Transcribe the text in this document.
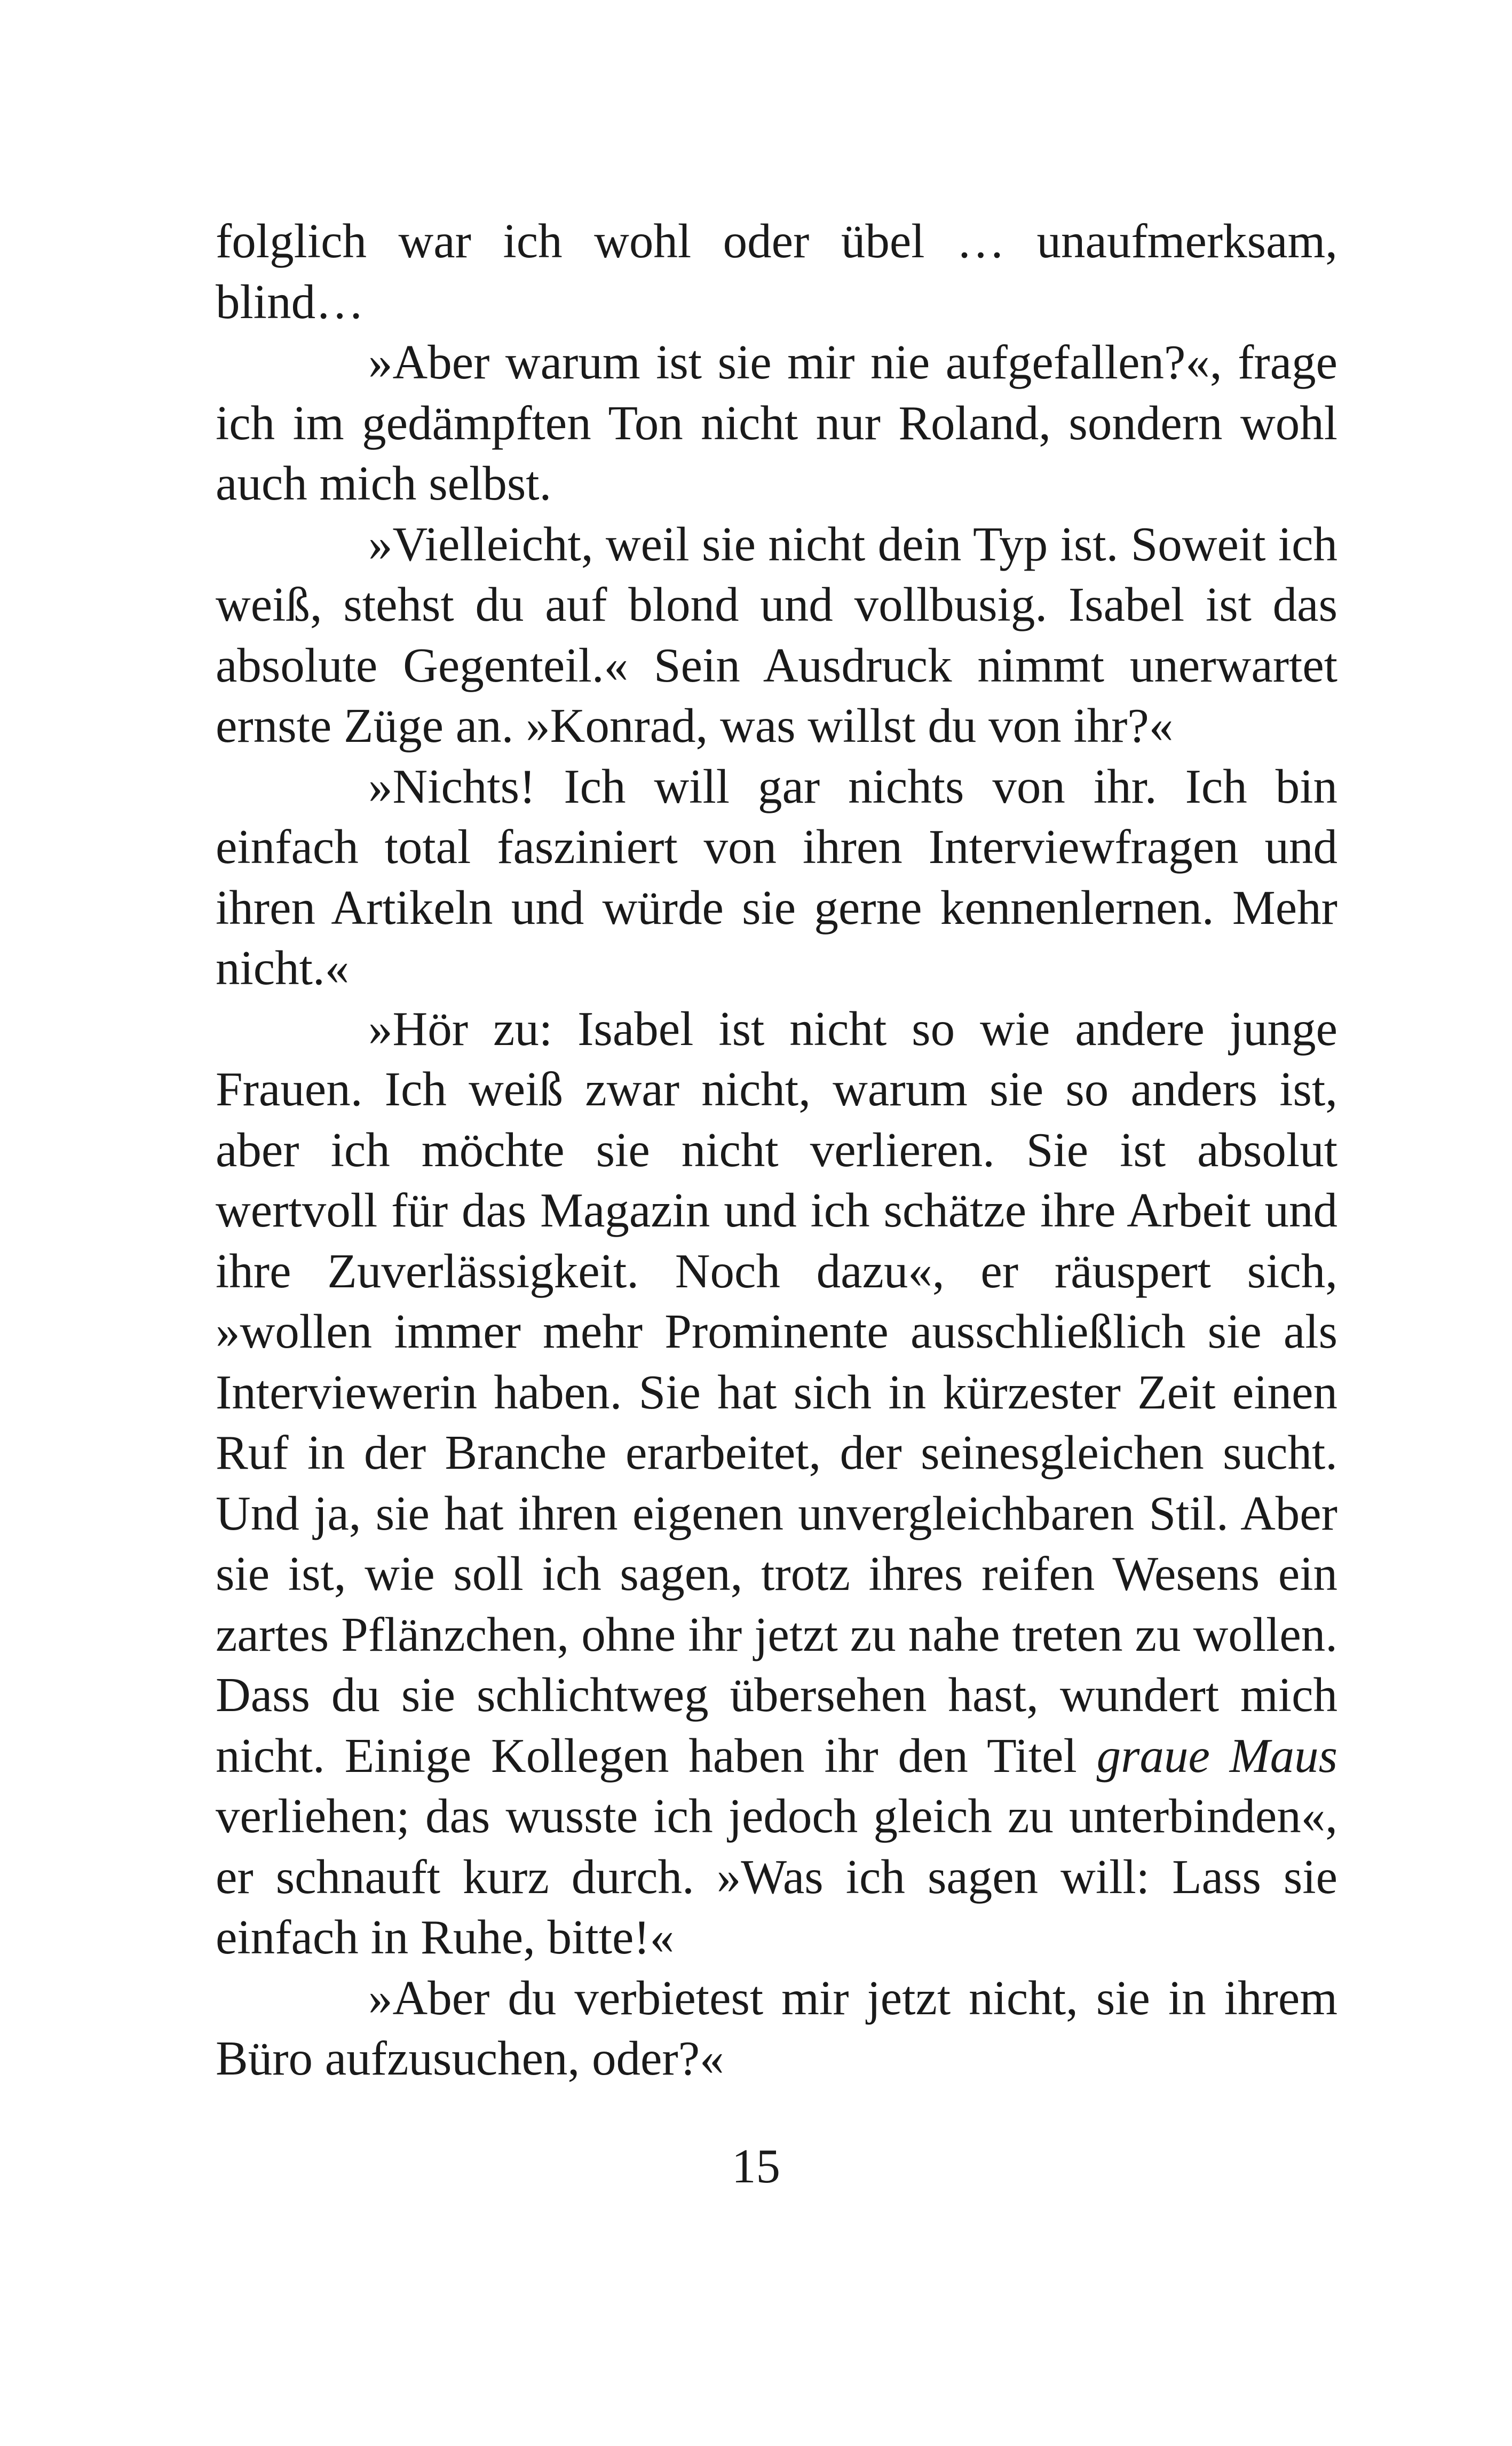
folglich war ich wohl oder übel … unaufmerksam, blind…

»Aber warum ist sie mir nie aufgefallen?«, frage ich im gedämpften Ton nicht nur Roland, sondern wohl auch mich selbst.

»Vielleicht, weil sie nicht dein Typ ist. Soweit ich weiß, stehst du auf blond und vollbusig. Isabel ist das absolute Gegenteil.« Sein Ausdruck nimmt unerwartet ernste Züge an. »Konrad, was willst du von ihr?«

»Nichts! Ich will gar nichts von ihr. Ich bin einfach total fasziniert von ihren Interviewfragen und ihren Artikeln und würde sie gerne kennenlernen. Mehr nicht.«

»Hör zu: Isabel ist nicht so wie andere junge Frauen. Ich weiß zwar nicht, warum sie so anders ist, aber ich möchte sie nicht verlieren. Sie ist absolut wertvoll für das Magazin und ich schätze ihre Arbeit und ihre Zuverlässigkeit. Noch dazu«, er räuspert sich, »wollen immer mehr Prominente ausschließlich sie als Interviewerin haben. Sie hat sich in kürzester Zeit einen Ruf in der Branche erarbeitet, der seinesgleichen sucht. Und ja, sie hat ihren eigenen unvergleichbaren Stil. Aber sie ist, wie soll ich sagen, trotz ihres reifen Wesens ein zartes Pflänzchen, ohne ihr jetzt zu nahe treten zu wollen. Dass du sie schlichtweg übersehen hast, wundert mich nicht. Einige Kollegen haben ihr den Titel graue Maus verliehen; das wusste ich jedoch gleich zu unterbinden«, er schnauft kurz durch. »Was ich sagen will: Lass sie einfach in Ruhe, bitte!«

»Aber du verbietest mir jetzt nicht, sie in ihrem Büro aufzusuchen, oder?«

15
